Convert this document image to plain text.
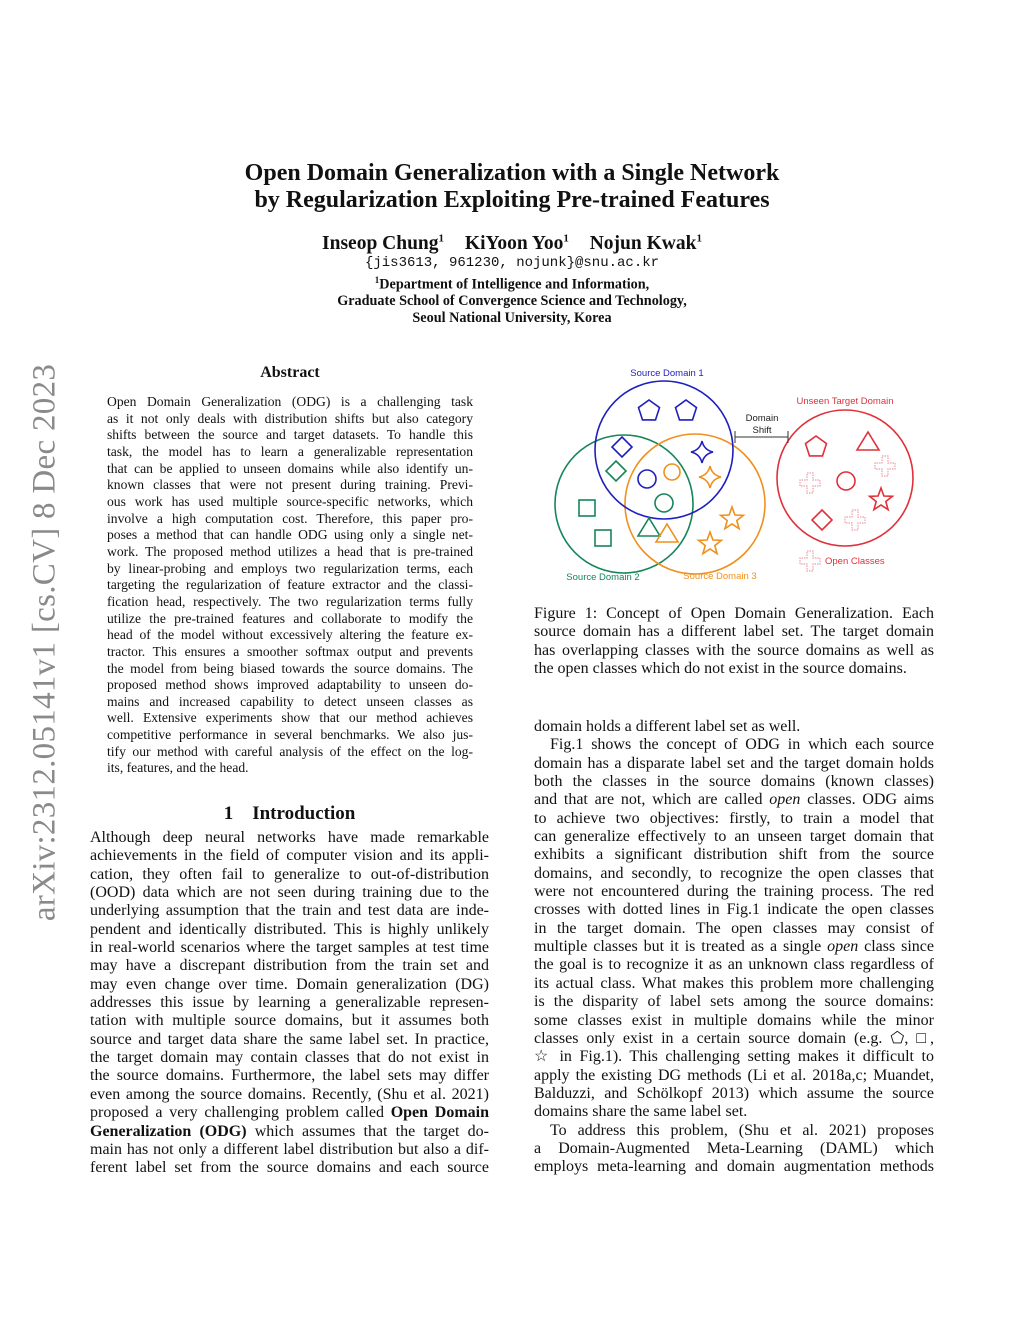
arXiv:2312.05141v1 [cs.CV] 8 Dec 2023
Open Domain Generalization with a Single Network
by Regularization Exploiting Pre-trained Features
Inseop Chung$^1$ KiYoon Yoo$^1$ Nojun Kwak$^1$
{jis3613, 961230, nojunk}@snu.ac.kr
$^1$Department of Intelligence and Information,
Graduate School of Convergence Science and Technology,
Seoul National University, Korea
Abstract
Open Domain Generalization (ODG) is a challenging task
as it not only deals with distribution shifts but also category
shifts between the source and target datasets. To handle this
task, the model has to learn a generalizable representation
that can be applied to unseen domains while also identify un-
known classes that were not present during training. Previ-
ous work has used multiple source-specific networks, which
involve a high computation cost. Therefore, this paper pro-
poses a method that can handle ODG using only a single net-
work. The proposed method utilizes a head that is pre-trained
by linear-probing and employs two regularization terms, each
targeting the regularization of feature extractor and the classi-
fication head, respectively. The two regularization terms fully
utilize the pre-trained features and collaborate to modify the
head of the model without excessively altering the feature ex-
tractor. This ensures a smoother softmax output and prevents
the model from being biased towards the source domains. The
proposed method shows improved adaptability to unseen do-
mains and increased capability to detect unseen classes as
well. Extensive experiments show that our method achieves
competitive performance in several benchmarks. We also jus-
tify our method with careful analysis of the effect on the log-
its, features, and the head.
1    Introduction
Although deep neural networks have made remarkable
achievements in the field of computer vision and its appli-
cation, they often fail to generalize to out-of-distribution
(OOD) data which are not seen during training due to the
underlying assumption that the train and test data are inde-
pendent and identically distributed. This is highly unlikely
in real-world scenarios where the target samples at test time
may have a discrepant distribution from the train set and
may even change over time. Domain generalization (DG)
addresses this issue by learning a generalizable represen-
tation with multiple source domains, but it assumes both
source and target data share the same label set. In practice,
the target domain may contain classes that do not exist in
the source domains. Furthermore, the label sets may differ
even among the source domains. Recently, (Shu et al. 2021)
proposed a very challenging problem called Open Domain
Generalization (ODG) which assumes that the target do-
main has not only a different label distribution but also a dif-
ferent label set from the source domains and each source
Source Domain 1
Source Domain 2	Source Domain 3
Unseen Target Domain
Domain
Shift
Open Classes
Figure 1: Concept of Open Domain Generalization. Each
source domain has a different label set. The target domain
has overlapping classes with the source domains as well as
the open classes which do not exist in the source domains.
domain holds a different label set as well.
Fig.1 shows the concept of ODG in which each source
domain has a disparate label set and the target domain holds
both the classes in the source domains (known classes)
and that are not, which are called open classes. ODG aims
to achieve two objectives: firstly, to train a model that
can generalize effectively to an unseen target domain that
exhibits a significant distribution shift from the source
domains, and secondly, to recognize the open classes that
were not encountered during the training process. The red
crosses with dotted lines in Fig.1 indicate the open classes
in the target domain. The open classes may consist of
multiple classes but it is treated as a single open class since
the goal is to recognize it as an unknown class regardless of
its actual class. What makes this problem more challenging
is the disparity of label sets among the source domains:
some classes exist in multiple domains while the minor
classes only exist in a certain source domain (e.g. ⬠, □,
☆ in Fig.1). This challenging setting makes it difficult to
apply the existing DG methods (Li et al. 2018a,c; Muandet,
Balduzzi, and Schölkopf 2013) which assume the source
domains share the same label set.
To address this problem, (Shu et al. 2021) proposes
a Domain-Augmented Meta-Learning (DAML) which
employs meta-learning and domain augmentation methods
